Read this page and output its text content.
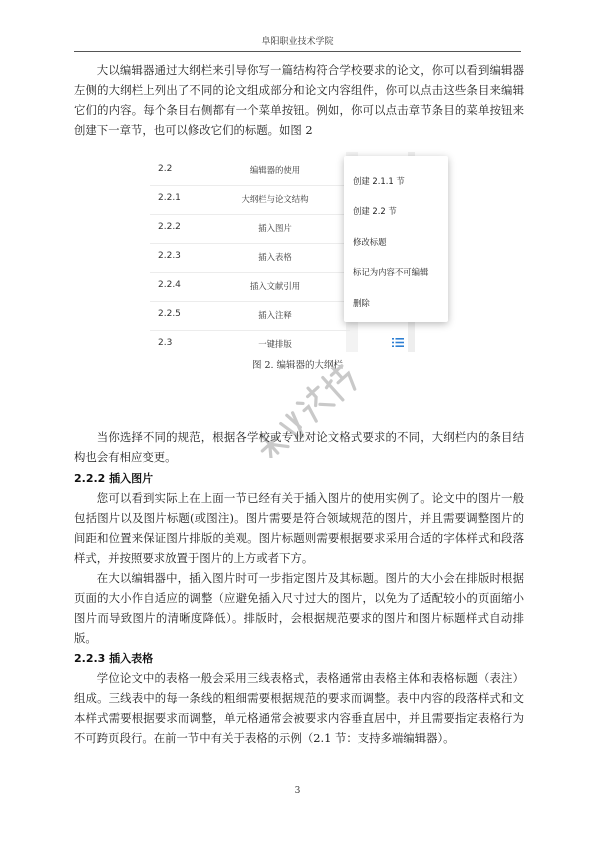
阜阳职业技术学院

大以编辑器通过大纲栏来引导你写一篇结构符合学校要求的论文，你可以看到编辑器左侧的大纲栏上列出了不同的论文组成部分和论文内容组件，你可以点击这些条目来编辑它们的内容。每个条目右侧都有一个菜单按钮。例如，你可以点击章节条目的菜单按钮来创建下一章节，也可以修改它们的标题。如图 2

2.2	编辑器的使用
2.2.1	大纲栏与论文结构
2.2.2	插入图片
2.2.3	插入表格
2.2.4	插入文献引用
2.2.5	插入注释
2.3	一键排版
创建 2.1.1 节
创建 2.2 节
修改标题
标记为内容不可编辑
删除
图 2. 编辑器的大纲栏

当你选择不同的规范，根据各学校或专业对论文格式要求的不同，大纲栏内的条目结构也会有相应变更。

2.2.2 插入图片

您可以看到实际上在上面一节已经有关于插入图片的使用实例了。论文中的图片一般包括图片以及图片标题(或图注)。图片需要是符合领域规范的图片，并且需要调整图片的间距和位置来保证图片排版的美观。图片标题则需要根据要求采用合适的字体样式和段落样式，并按照要求放置于图片的上方或者下方。

在大以编辑器中，插入图片时可一步指定图片及其标题。图片的大小会在排版时根据页面的大小作自适应的调整（应避免插入尺寸过大的图片，以免为了适配较小的页面缩小图片而导致图片的清晰度降低）。排版时，会根据规范要求的图片和图片标题样式自动排版。

2.2.3 插入表格

学位论文中的表格一般会采用三线表格式，表格通常由表格主体和表格标题（表注）组成。三线表中的每一条线的粗细需要根据规范的要求而调整。表中内容的段落样式和文本样式需要根据要求而调整，单元格通常会被要求内容垂直居中，并且需要指定表格行为不可跨页段行。在前一节中有关于表格的示例（2.1 节：支持多端编辑器）。

3
